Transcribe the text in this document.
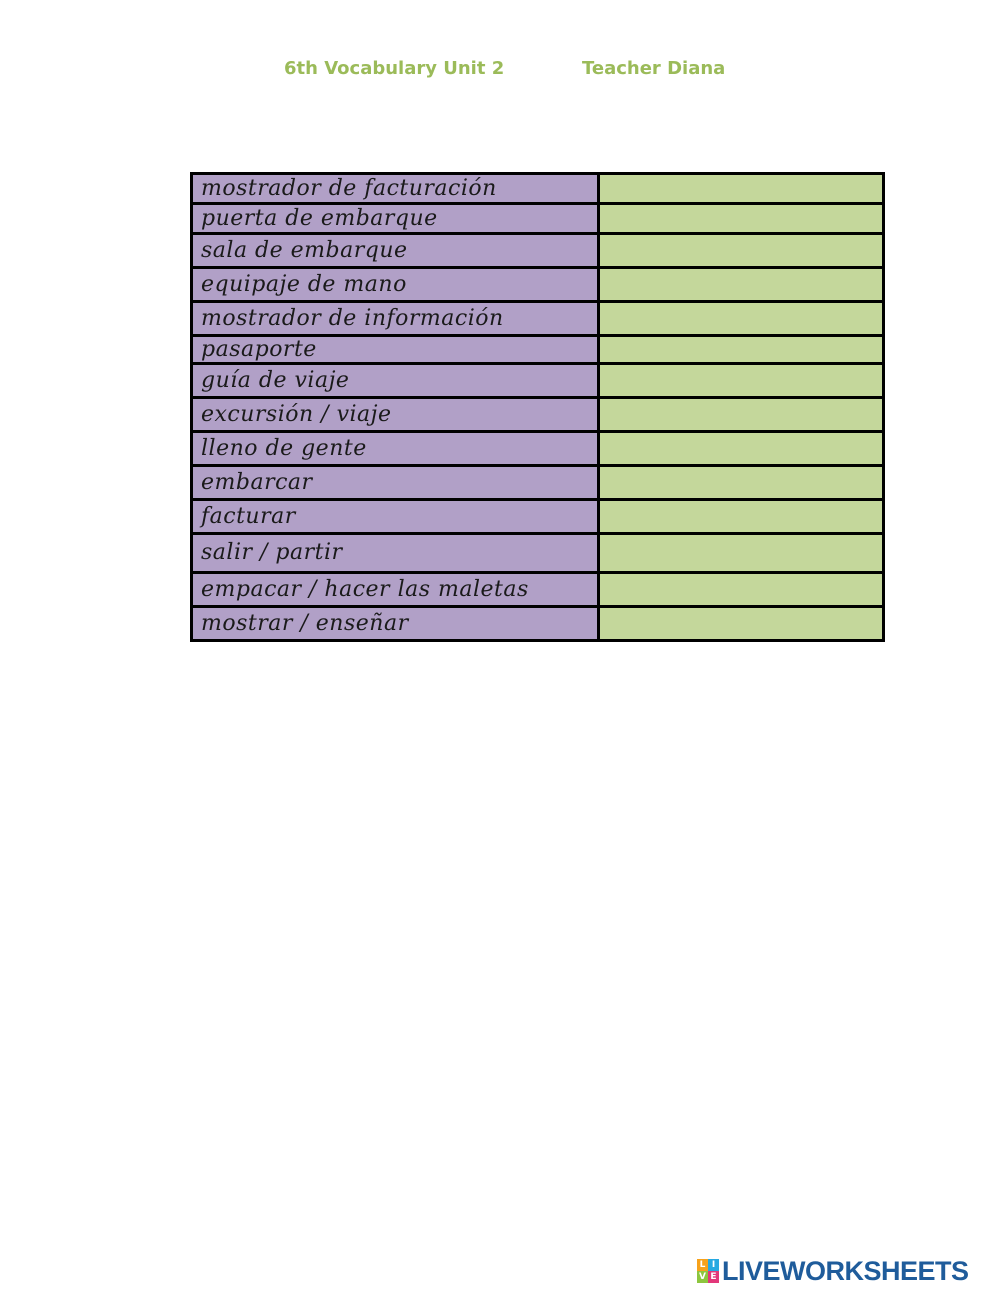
6th Vocabulary Unit 2	Teacher Diana
mostrador de facturación	
puerta de embarque	
sala de embarque	
equipaje de mano	
mostrador de información	
pasaporte	
guía de viaje	
excursión / viaje	
lleno de gente	
embarcar	
facturar	
salir / partir	
empacar / hacer las maletas	
mostrar / enseñar	
L I
V E LIVEWORKSHEETS
